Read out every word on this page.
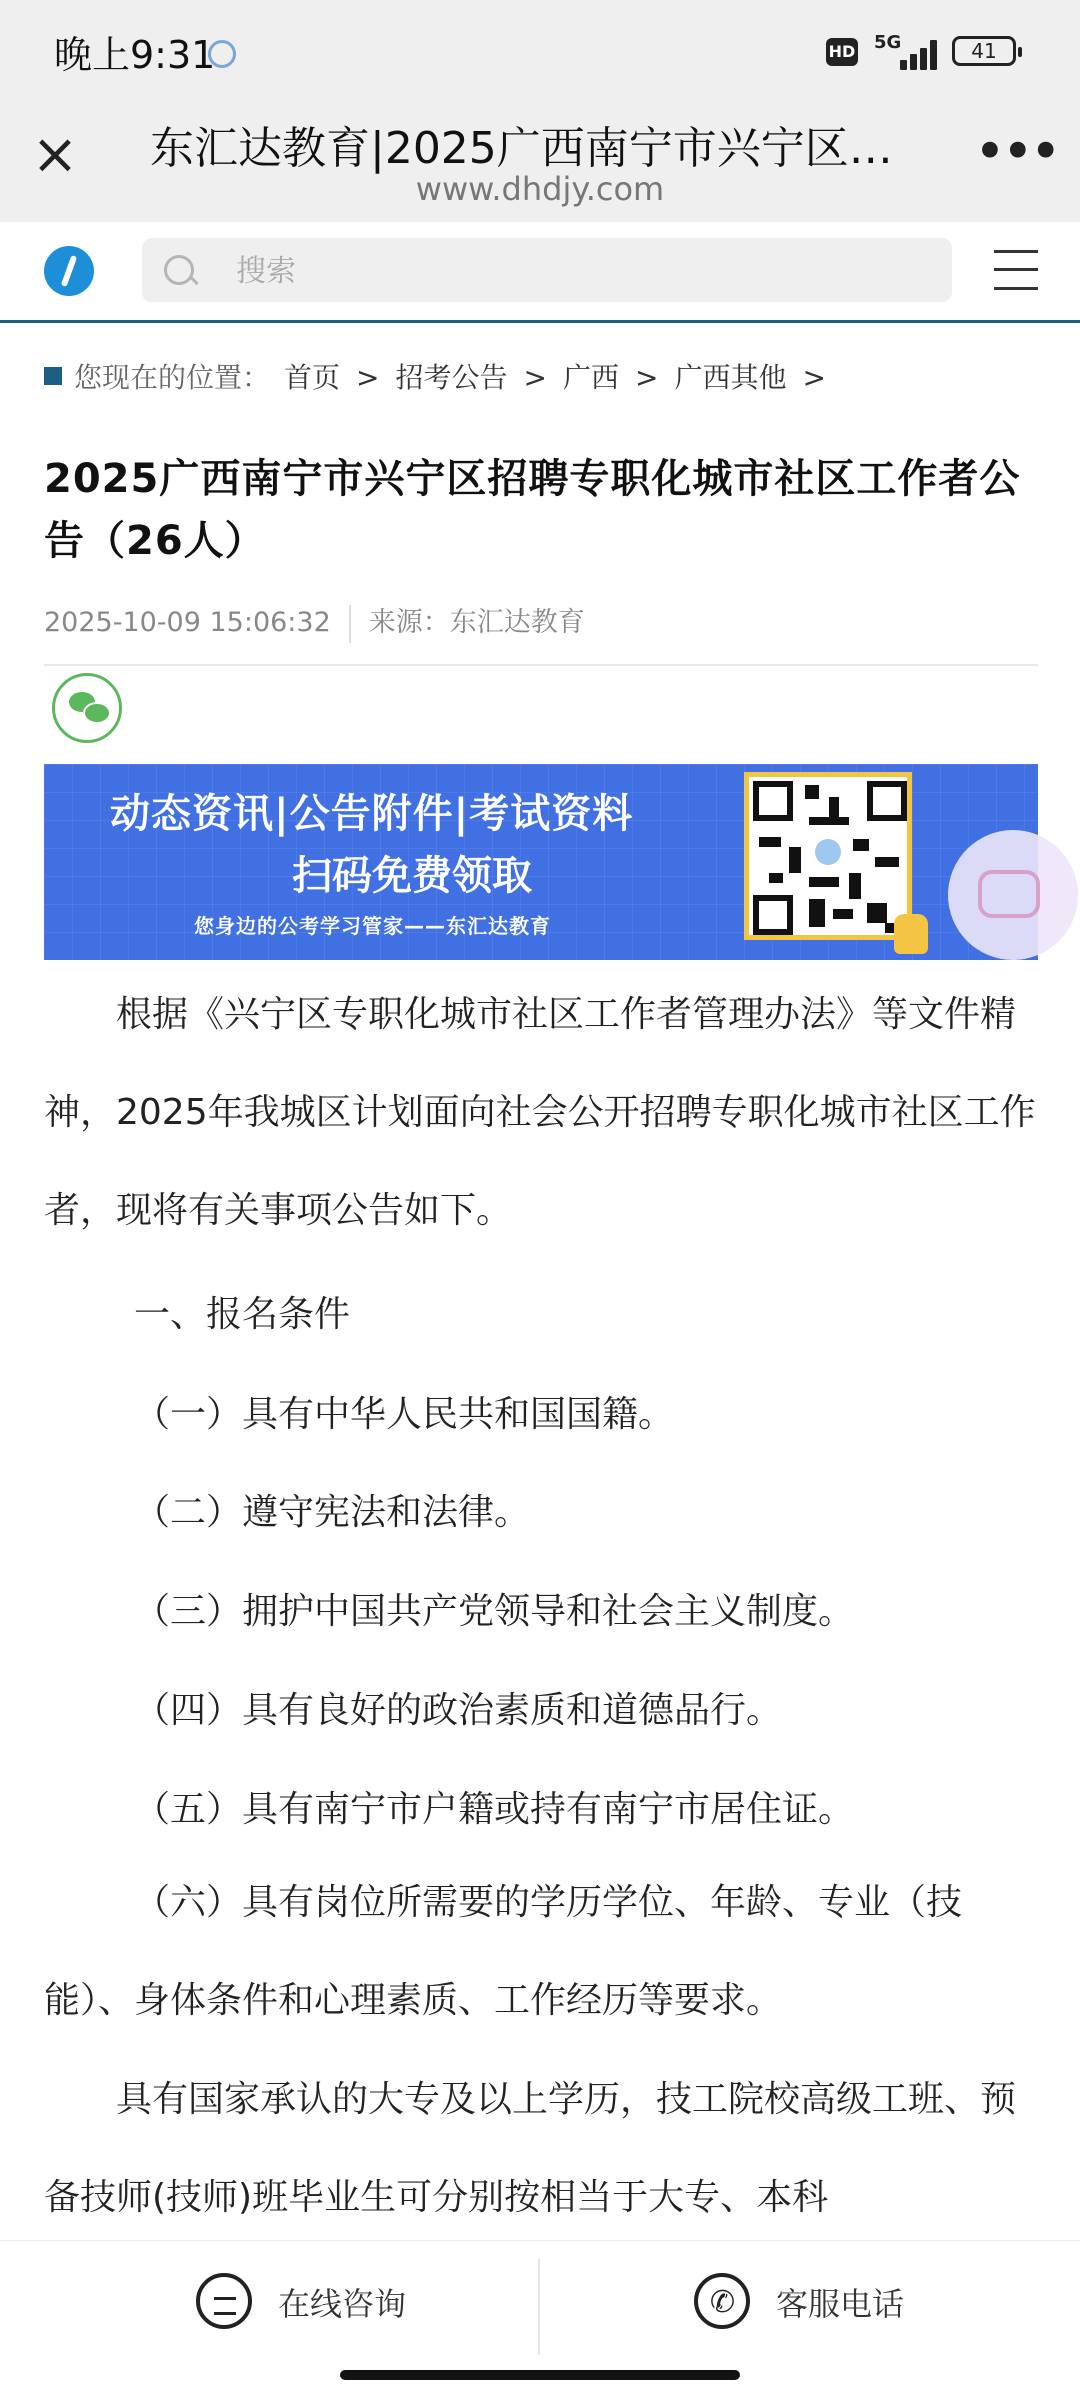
晚上9:31	HD 5G	41
× 东汇达教育|2025广西南宁市兴宁区…
www.dhdjy.com
•••
搜索
您现在的位置： 首页 > 招考公告 > 广西 > 广西其他 >
2025广西南宁市兴宁区招聘专职化城市社区工作者公告（26人）
2025-10-09 15:06:32 来源：东汇达教育
动态资讯|公告附件|考试资料
扫码免费领取
您身边的公考学习管家——东汇达教育
根据《兴宁区专职化城市社区工作者管理办法》等文件精神，2025年我城区计划面向社会公开招聘专职化城市社区工作者，现将有关事项公告如下。
一、报名条件
（一）具有中华人民共和国国籍。
（二）遵守宪法和法律。
（三）拥护中国共产党领导和社会主义制度。
（四）具有良好的政治素质和道德品行。
（五）具有南宁市户籍或持有南宁市居住证。
（六）具有岗位所需要的学历学位、年龄、专业（技能）、身体条件和心理素质、工作经历等要求。
具有国家承认的大专及以上学历，技工院校高级工班、预备技师(技师)班毕业生可分别按相当于大专、本科
在线咨询	✆ 客服电话
